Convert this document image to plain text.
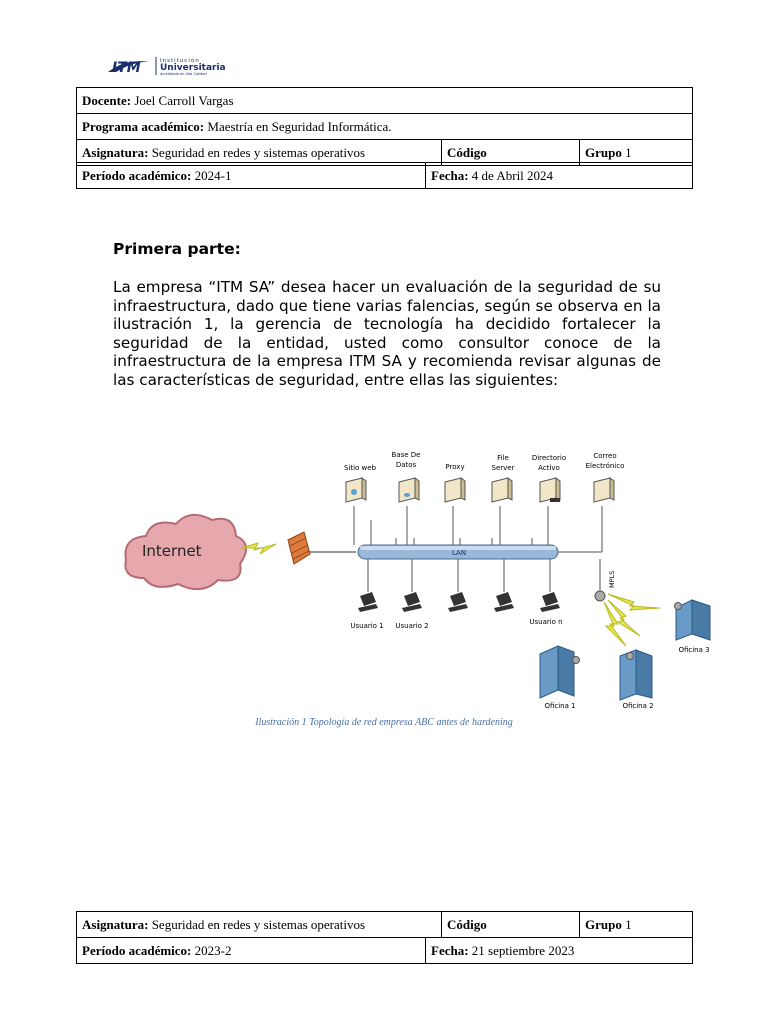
ITM	Institución
Universitaria
Acreditada en Alta Calidad
Docente: Joel Carroll Vargas
Programa académico: Maestría en Seguridad Informática.
Asignatura: Seguridad en redes y sistemas operativos	Código	Grupo 1
Período académico: 2024-1	Fecha: 4 de Abril 2024
Primera parte:
La empresa “ITM SA” desea hacer un evaluación de la seguridad de su infraestructura, dado que tiene varias falencias, según se observa en la ilustración 1, la gerencia de tecnología ha decidido fortalecer la seguridad de la entidad, usted como consultor conoce de la infraestructura de la empresa ITM SA y recomienda revisar algunas de las características de seguridad, entre ellas las siguientes:
Internet	LAN
Sitio web
Base De
Datos	Proxy
File
Server
Directorio
Activo
Correo
Electrónico
Usuario 1 Usuario 2	Usuario n
MPLS
Oficina 1	Oficina 2
Oficina 3
Ilustración 1 Topología de red empresa ABC antes de hardening
Asignatura: Seguridad en redes y sistemas operativos	Código	Grupo 1

Período académico: 2023-2	Fecha: 21 septiembre 2023
